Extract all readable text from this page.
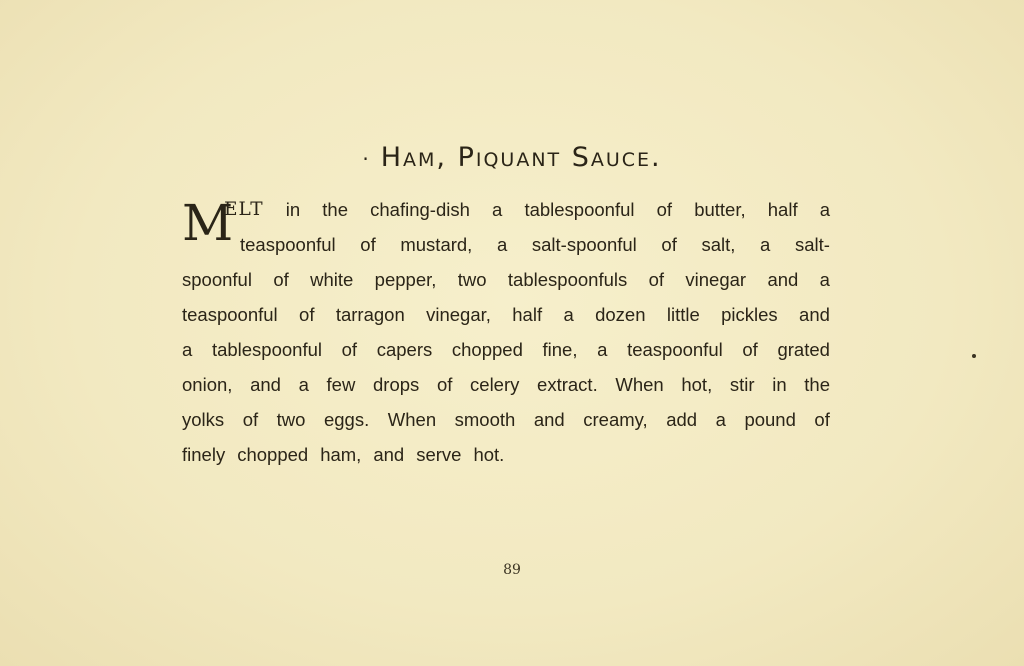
· Ham, Piquant Sauce.
M
ELT in the chafing-dish a tablespoonful of butter, half a
teaspoonful of mustard, a salt-spoonful of salt, a salt-
spoonful of white pepper, two tablespoonfuls of vinegar and a
teaspoonful of tarragon vinegar, half a dozen little pickles and
a tablespoonful of capers chopped fine, a teaspoonful of grated
onion, and a few drops of celery extract. When hot, stir in the
yolks of two eggs. When smooth and creamy, add a pound of
finely chopped ham, and serve hot.
89
